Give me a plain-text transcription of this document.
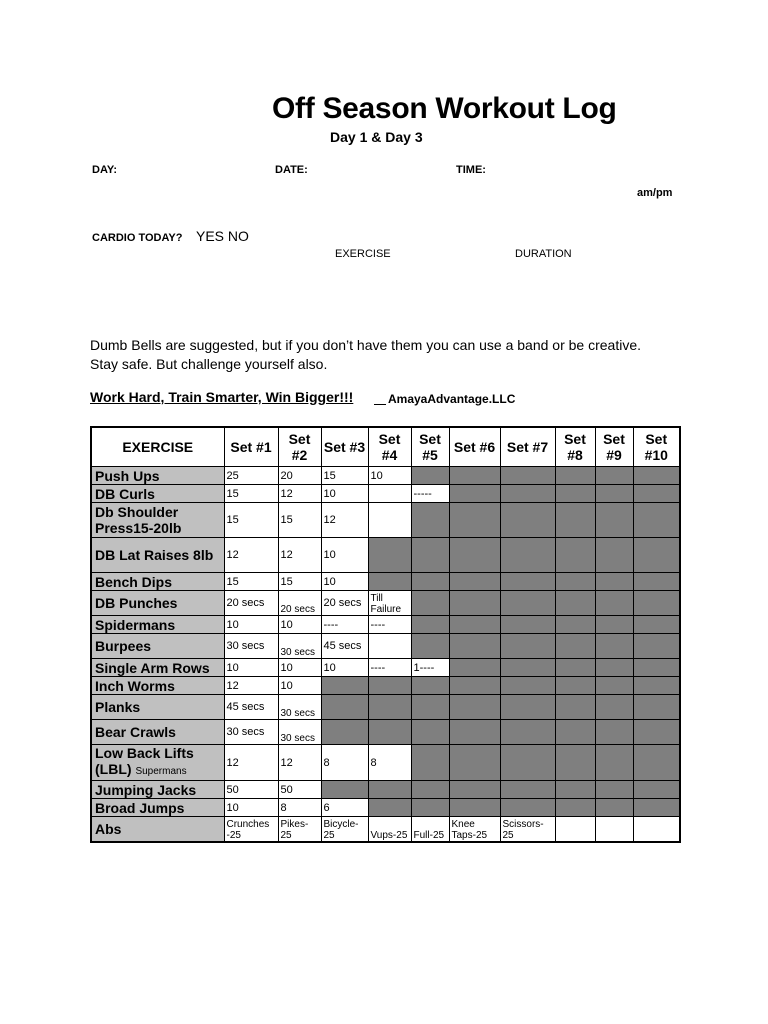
Off Season Workout Log
Day 1 & Day 3
DAY:	DATE:	TIME:
am/pm
CARDIO TODAY? YES NO
EXERCISE	DURATION
Dumb Bells are suggested, but if you don’t have them you can use a band or be creative. Stay safe. But challenge yourself also.
Work Hard, Train Smarter, Win Bigger!!!	AmayaAdvantage.LLC
EXERCISE	Set #1	Set #2	Set #3	Set #4	Set #5	Set #6	Set #7	Set #8	Set #9	Set #10
Push Ups	25	20	15	10						
DB Curls	15	12	10		-----					
Db Shoulder Press15-20lb	15	15	12							
DB Lat Raises 8lb	12	12	10							
Bench Dips	15	15	10							
DB Punches	20 secs	20 secs	20 secs	Till Failure						
Spidermans	10	10	----	----						
Burpees	30 secs	30 secs	45 secs							
Single Arm Rows	10	10	10	----	1----					
Inch Worms	12	10								
Planks	45 secs	30 secs								
Bear Crawls	30 secs	30 secs								
Low Back Lifts
(LBL) Supermans	12	12	8	8						
Jumping Jacks	50	50								
Broad Jumps	10	8	6							
Abs	Crunches -25	Pikes-25	Bicycle-25	Vups-25	Full-25	Knee Taps-25	Scissors-25			
